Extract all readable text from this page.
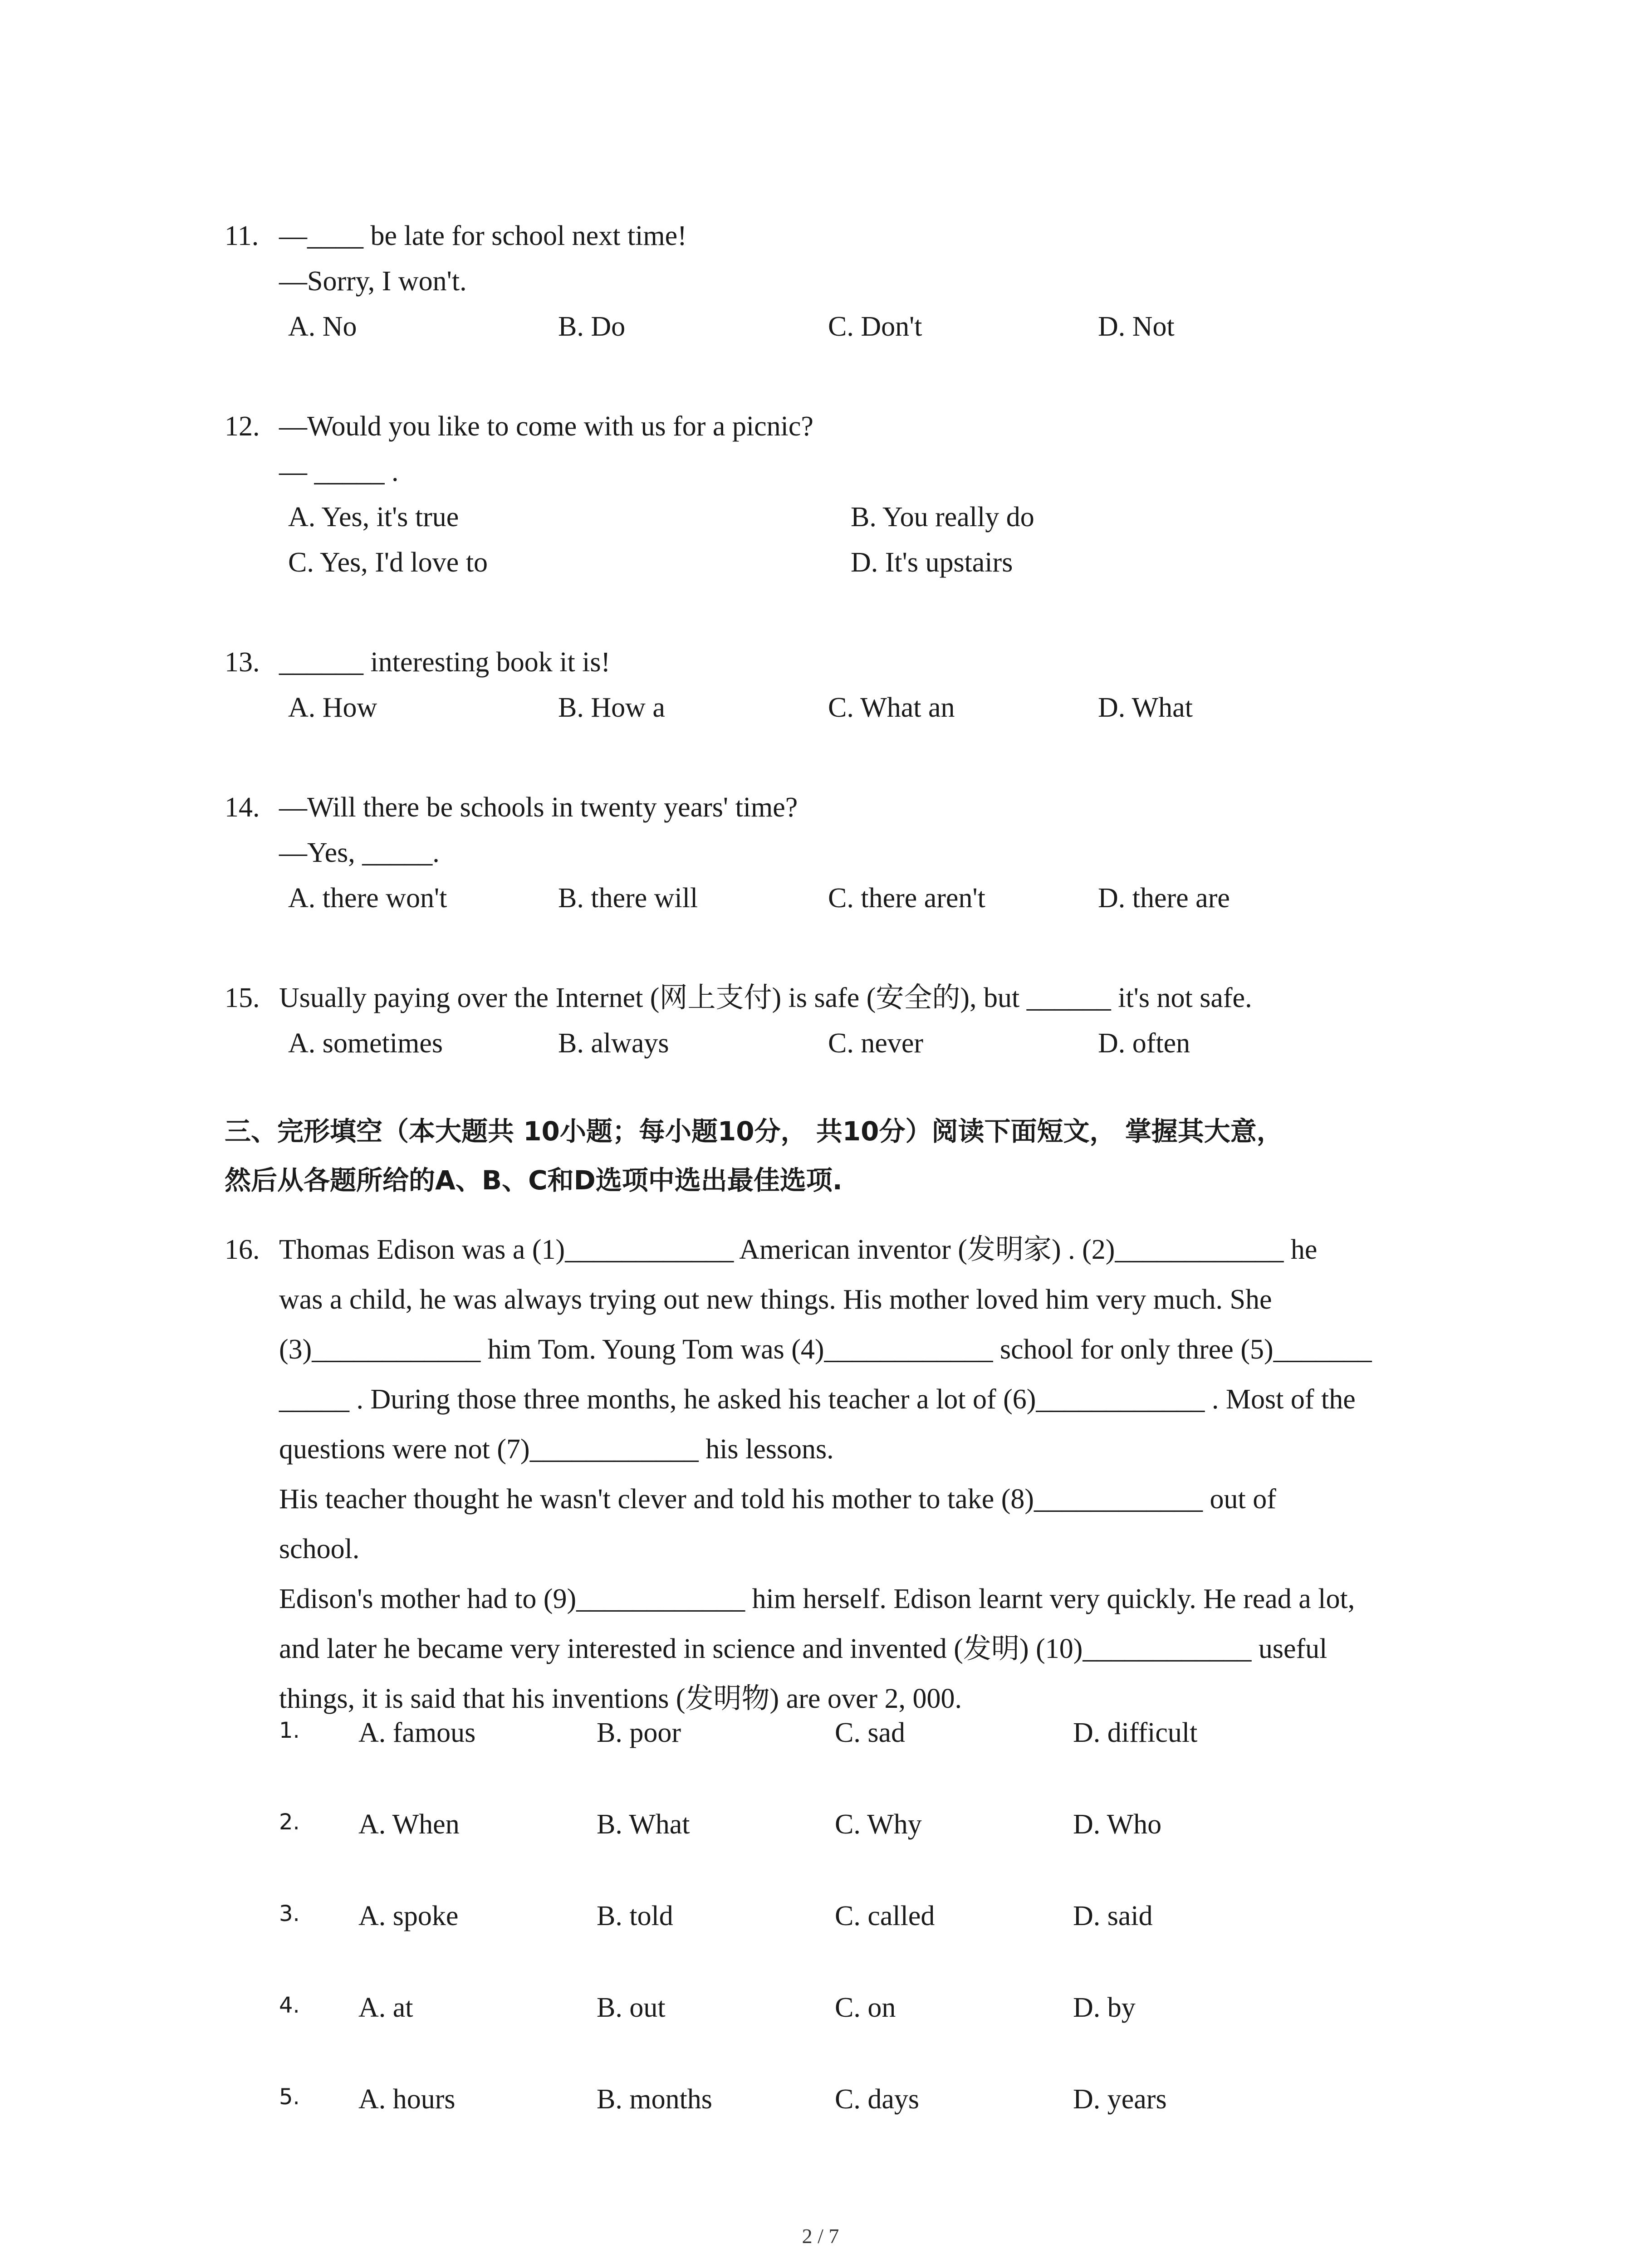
11. —____ be late for school next time!
—Sorry, I won't.
A. No	B. Do	C. Don't	D. Not
12. —Would you like to come with us for a picnic?
— _____ .
A. Yes, it's true	B. You really do
C. Yes, I'd love to	D. It's upstairs
13. ______ interesting book it is!
A. How	B. How a	C. What an	D. What
14. —Will there be schools in twenty years' time?
—Yes, _____.
A. there won't	B. there will	C. there aren't	D. there are
15. Usually paying over the Internet (网上支付) is safe (安全的), but ______ it's not safe.
A. sometimes	B. always	C. never	D. often
三、完形填空（本大题共 10小题；每小题10分， 共10分）阅读下面短文， 掌握其大意，
然后从各题所给的A、B、C和D选项中选出最佳选项.
16. Thomas Edison was a (1)____________ American inventor (发明家) . (2)____________ he
was a child, he was always trying out new things. His mother loved him very much. She
(3)____________ him Tom. Young Tom was (4)____________ school for only three (5)_______
_____ . During those three months, he asked his teacher a lot of (6)____________ . Most of the
questions were not (7)____________ his lessons.
His teacher thought he wasn't clever and told his mother to take (8)____________ out of
school.
Edison's mother had to (9)____________ him herself. Edison learnt very quickly. He read a lot,
and later he became very interested in science and invented (发明) (10)____________ useful
things, it is said that his inventions (发明物) are over 2, 000.
1. A. famous	B. poor	C. sad	D. difficult
2. A. When	B. What	C. Why	D. Who
3. A. spoke	B. told	C. called	D. said
4. A. at	B. out	C. on	D. by
5. A. hours	B. months	C. days	D. years
2 / 7
